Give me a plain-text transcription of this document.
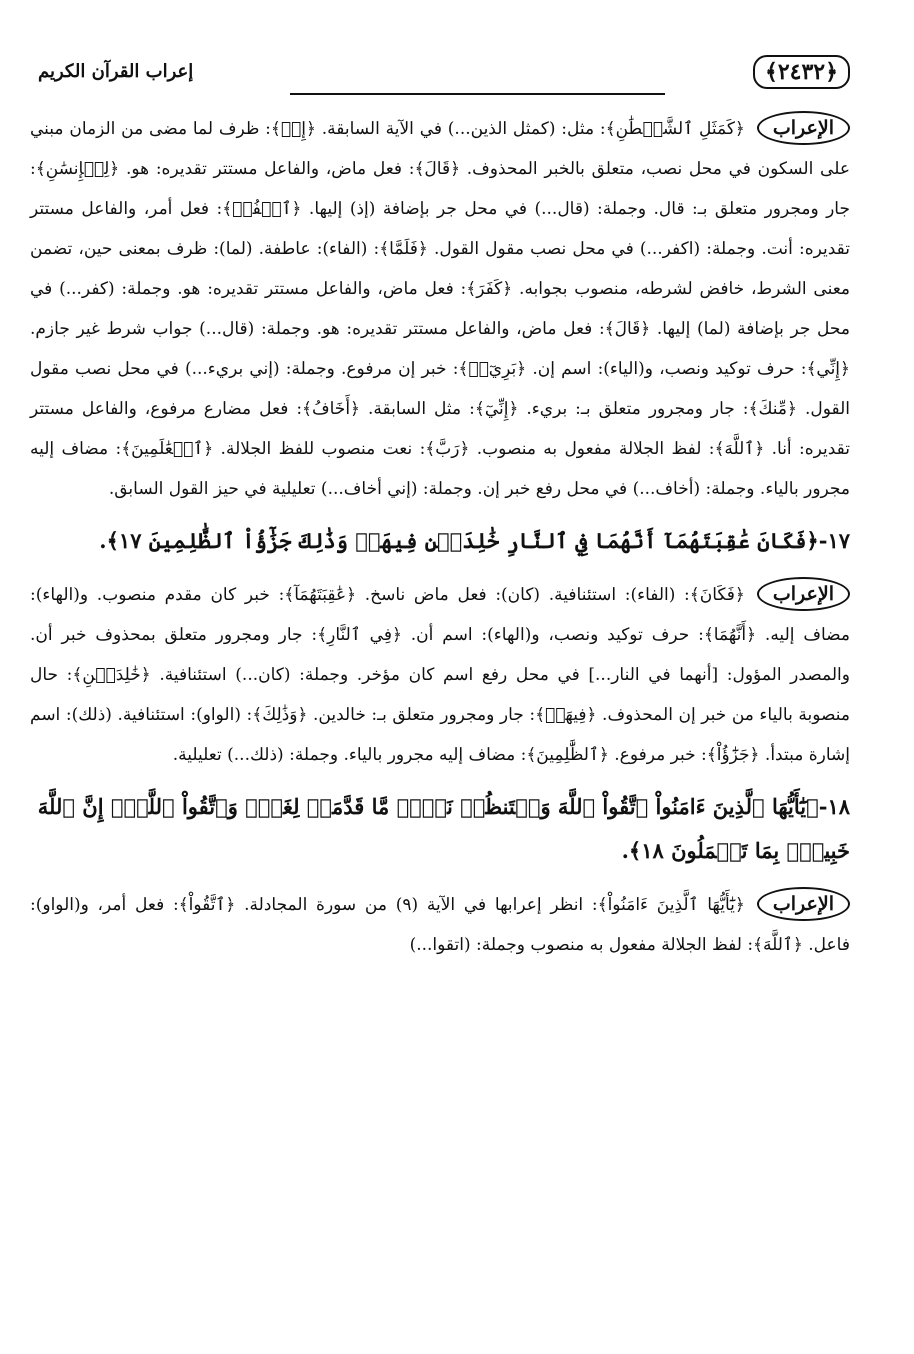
﴿٢٤٣٢﴾
إعراب القرآن الكريم

الإعراب
﴿كَمَثَلِ ٱلشَّيۡطَٰنِ﴾: مثل: (كمثل الذين...) في الآية السابقة. ﴿إِذۡ﴾: ظرف لما مضى من الزمان مبني على السكون في محل نصب، متعلق بالخبر المحذوف. ﴿قَالَ﴾: فعل ماض، والفاعل مستتر تقديره: هو. ﴿لِلۡإِنسَٰنِ﴾: جار ومجرور متعلق بـ: قال. وجملة: (قال...) في محل جر بإضافة (إذ) إليها. ﴿ٱكۡفُرۡ﴾: فعل أمر، والفاعل مستتر تقديره: أنت. وجملة: (اكفر...) في محل نصب مقول القول. ﴿فَلَمَّا﴾: (الفاء): عاطفة. (لما): ظرف بمعنى حين، تضمن معنى الشرط، خافض لشرطه، منصوب بجوابه. ﴿كَفَرَ﴾: فعل ماض، والفاعل مستتر تقديره: هو. وجملة: (كفر...) في محل جر بإضافة (لما) إليها. ﴿قَالَ﴾: فعل ماض، والفاعل مستتر تقديره: هو. وجملة: (قال...) جواب شرط غير جازم. ﴿إِنِّي﴾: حرف توكيد ونصب، و(الياء): اسم إن. ﴿بَرِيٓءٞ﴾: خبر إن مرفوع. وجملة: (إني بريء...) في محل نصب مقول القول. ﴿مِّنكَ﴾: جار ومجرور متعلق بـ: بريء. ﴿إِنِّيٓ﴾: مثل السابقة. ﴿أَخَافُ﴾: فعل مضارع مرفوع، والفاعل مستتر تقديره: أنا. ﴿ٱللَّهَ﴾: لفظ الجلالة مفعول به منصوب. ﴿رَبَّ﴾: نعت منصوب للفظ الجلالة. ﴿ٱلۡعَٰلَمِينَ﴾: مضاف إليه مجرور بالياء. وجملة: (أخاف...) في محل رفع خبر إن. وجملة: (إني أخاف...) تعليلية في حيز القول السابق.

١٧-﴿فَكَانَ عَٰقِبَتَهُمَآ أَنَّهُمَا فِي ٱلنَّارِ خَٰلِدَيۡنِ فِيهَاۚ وَذَٰلِكَ جَزَٰٓؤُاْ ٱلظَّٰلِمِينَ ١٧﴾.

الإعراب
﴿فَكَانَ﴾: (الفاء): استئنافية. (كان): فعل ماض ناسخ. ﴿عَٰقِبَتَهُمَآ﴾: خبر كان مقدم منصوب. و(الهاء): مضاف إليه. ﴿أَنَّهُمَا﴾: حرف توكيد ونصب، و(الهاء): اسم أن. ﴿فِي ٱلنَّارِ﴾: جار ومجرور متعلق بمحذوف خبر أن. والمصدر المؤول: [أنهما في النار...] في محل رفع اسم كان مؤخر. وجملة: (كان...) استئنافية. ﴿خَٰلِدَيۡنِ﴾: حال منصوبة بالياء من خبر إن المحذوف. ﴿فِيهَاۚ﴾: جار ومجرور متعلق بـ: خالدين. ﴿وَذَٰلِكَ﴾: (الواو): استئنافية. (ذلك): اسم إشارة مبتدأ. ﴿جَزَٰٓؤُاْ﴾: خبر مرفوع. ﴿ٱلظَّٰلِمِينَ﴾: مضاف إليه مجرور بالياء. وجملة: (ذلك...) تعليلية.

١٨-﴿يَٰٓأَيُّهَا ٱلَّذِينَ ءَامَنُواْ ٱتَّقُواْ ٱللَّهَ وَلۡتَنظُرۡ نَفۡسٞ مَّا قَدَّمَتۡ لِغَدٖۖ وَٱتَّقُواْ ٱللَّهَۚ إِنَّ ٱللَّهَ خَبِيرُۢ بِمَا تَعۡمَلُونَ ١٨﴾.

الإعراب
﴿يَٰٓأَيُّهَا ٱلَّذِينَ ءَامَنُواْ﴾: انظر إعرابها في الآية (٩) من سورة المجادلة. ﴿ٱتَّقُواْ﴾: فعل أمر، و(الواو): فاعل. ﴿ٱللَّهَ﴾: لفظ الجلالة مفعول به منصوب وجملة: (اتقوا...)
